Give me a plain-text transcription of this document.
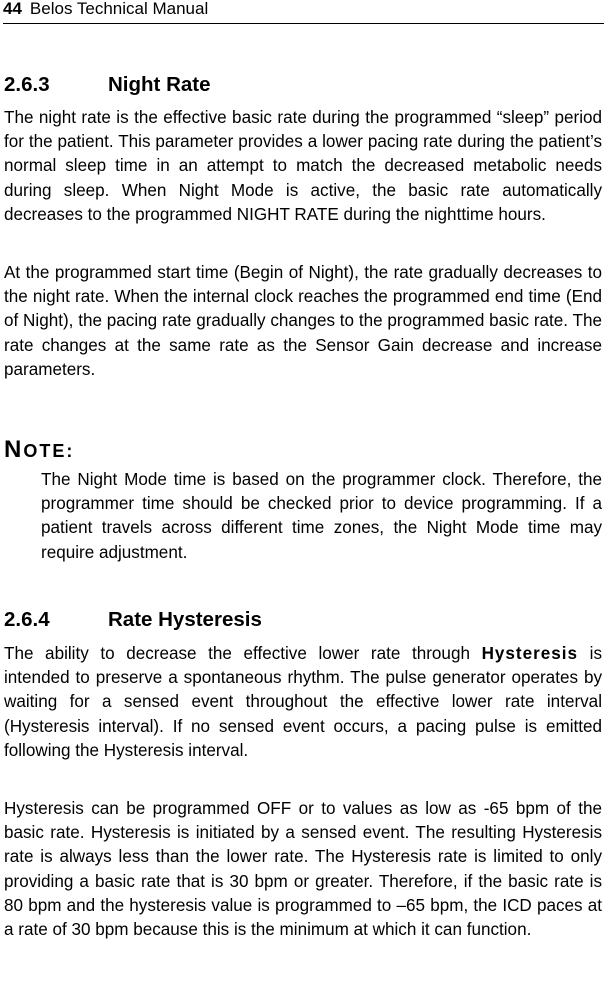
44 Belos Technical Manual
2.6.3	Night Rate

The night rate is the effective basic rate during the programmed “sleep” period for the patient. This parameter provides a lower pacing rate during the patient’s normal sleep time in an attempt to match the decreased metabolic needs during sleep. When Night Mode is active, the basic rate automatically decreases to the programmed NIGHT RATE during the nighttime hours.

At the programmed start time (Begin of Night), the rate gradually decreases to the night rate. When the internal clock reaches the programmed end time (End of Night), the pacing rate gradually changes to the programmed basic rate. The rate changes at the same rate as the Sensor Gain decrease and increase parameters.

NOTE:

The Night Mode time is based on the programmer clock. Therefore, the programmer time should be checked prior to device programming. If a patient travels across different time zones, the Night Mode time may require adjustment.

2.6.4	Rate Hysteresis

The ability to decrease the effective lower rate through Hysteresis is intended to preserve a spontaneous rhythm. The pulse generator operates by waiting for a sensed event throughout the effective lower rate interval (Hysteresis interval). If no sensed event occurs, a pacing pulse is emitted following the Hysteresis interval.

Hysteresis can be programmed OFF or to values as low as -65 bpm of the basic rate. Hysteresis is initiated by a sensed event. The resulting Hysteresis rate is always less than the lower rate. The Hysteresis rate is limited to only providing a basic rate that is 30 bpm or greater. Therefore, if the basic rate is 80 bpm and the hysteresis value is programmed to –65 bpm, the ICD paces at a rate of 30 bpm because this is the minimum at which it can function.
